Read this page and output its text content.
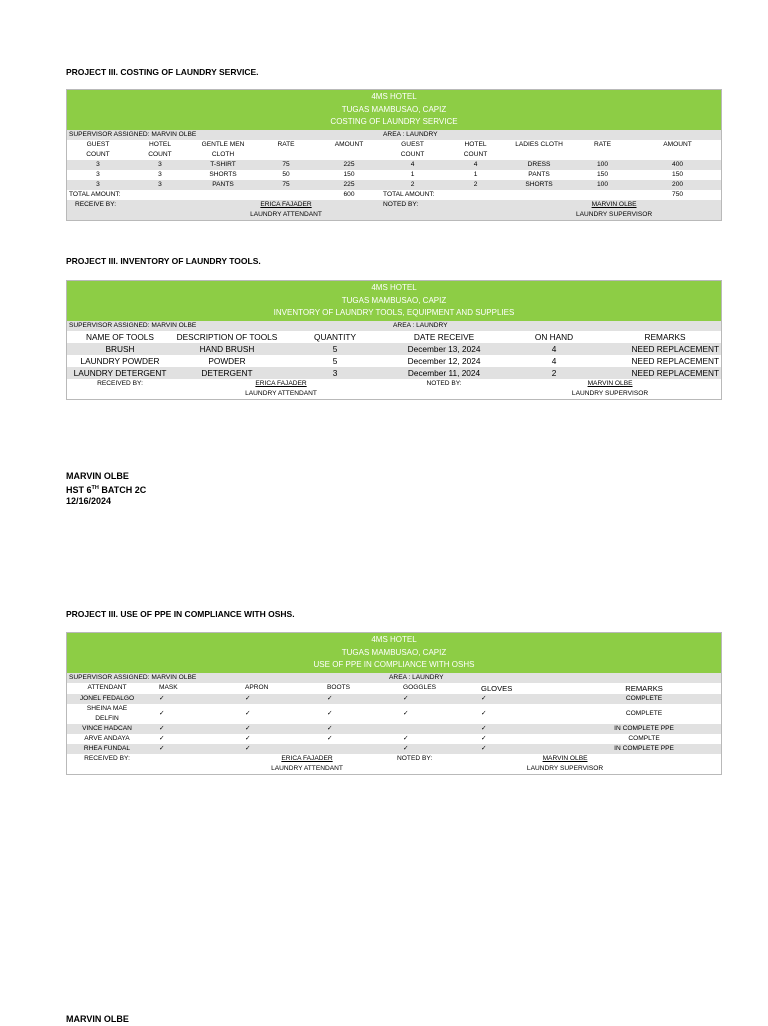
PROJECT III. COSTING OF LAUNDRY SERVICE.
4MS HOTEL
TUGAS MAMBUSAO, CAPIZ
COSTING OF LAUNDRY SERVICE
SUPERVISOR ASSIGNED: MARVIN OLBE					AREA : LAUNDRY				
GUEST	HOTEL	GENTLE MEN	RATE	AMOUNT	GUEST	HOTEL	LADIES CLOTH	RATE	AMOUNT
COUNT	COUNT	CLOTH			COUNT	COUNT			
3	3	T-SHIRT	75	225	4	4	DRESS	100	400
3	3	SHORTS	50	150	1	1	PANTS	150	150
3	3	PANTS	75	225	2	2	SHORTS	100	200
TOTAL AMOUNT:				600	TOTAL AMOUNT:				750
RECEIVE BY:		ERICA FAJADER			NOTED BY:		MARVIN OLBE		
		LAUNDRY ATTENDANT					LAUNDRY SUPERVISOR		
PROJECT III. INVENTORY OF LAUNDRY TOOLS.
4MS HOTEL
TUGAS MAMBUSAO, CAPIZ
INVENTORY OF LAUNDRY TOOLS, EQUIPMENT AND SUPPLIES
SUPERVISOR ASSIGNED: MARVIN OLBE			AREA : LAUNDRY		
NAME OF TOOLS	DESCRIPTION OF TOOLS	QUANTITY	DATE RECEIVE	ON HAND	REMARKS
BRUSH	HAND BRUSH	5	December 13, 2024	4	NEED REPLACEMENT
LAUNDRY POWDER	POWDER	5	December 12, 2024	4	NEED REPLACEMENT
LAUNDRY DETERGENT	DETERGENT	3	December 11, 2024	2	NEED REPLACEMENT
RECEIVED BY:	ERICA FAJADER		NOTED BY:	MARVIN OLBE	
	LAUNDRY ATTENDANT			LAUNDRY SUPERVISOR	
MARVIN OLBE
HST 6TH BATCH 2C
12/16/2024
PROJECT III. USE OF PPE IN COMPLIANCE WITH OSHS.
4MS HOTEL
TUGAS MAMBUSAO, CAPIZ
USE OF PPE IN COMPLIANCE WITH OSHS
SUPERVISOR ASSIGNED: MARVIN OLBE				AREA : LAUNDRY		
ATTENDANT	MASK	APRON	BOOTS	GOGGLES	GLOVES	REMARKS

JONEL FEDALGO	✓	✓	✓	✓	✓	COMPLETE

SHEINA MAE
DELFIN	✓	✓	✓	✓	✓	COMPLETE

VINCE HADCAN	✓	✓	✓		✓	IN COMPLETE PPE

ARVE ANDAYA	✓	✓	✓	✓	✓	COMPLTE

RHEA FUNDAL	✓	✓		✓	✓	IN COMPLETE PPE
RECEIVED BY:		ERICA FAJADER		NOTED BY:	MARVIN OLBE	
		LAUNDRY ATTENDANT			LAUNDRY SUPERVISOR	
MARVIN OLBE
